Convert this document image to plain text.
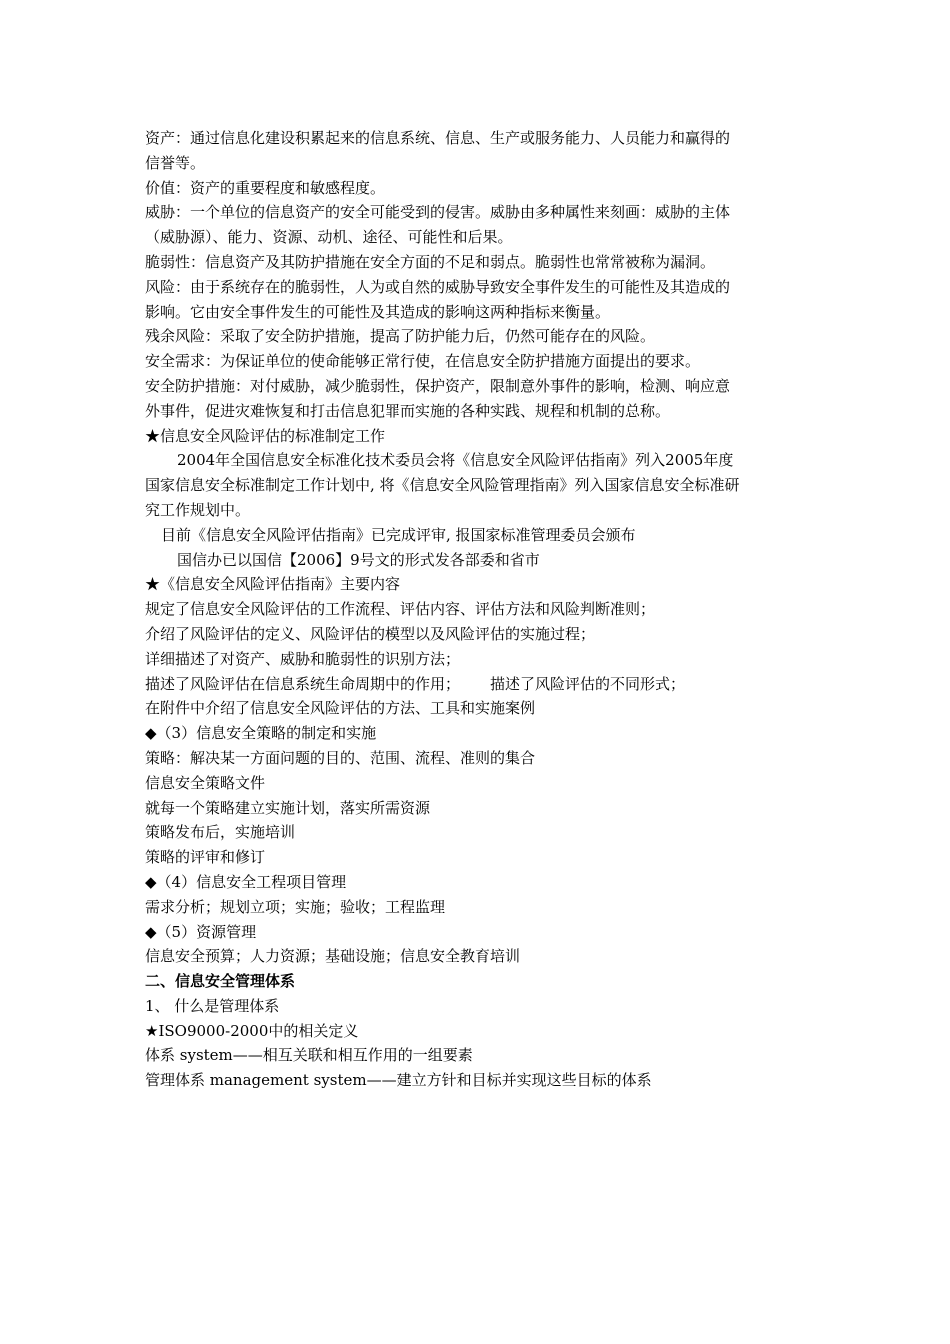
资产：通过信息化建设积累起来的信息系统、信息、生产或服务能力、人员能力和赢得的
信誉等。
价值：资产的重要程度和敏感程度。
威胁：一个单位的信息资产的安全可能受到的侵害。威胁由多种属性来刻画：威胁的主体
（威胁源）、能力、资源、动机、途径、可能性和后果。
脆弱性：信息资产及其防护措施在安全方面的不足和弱点。脆弱性也常常被称为漏洞。
风险：由于系统存在的脆弱性，人为或自然的威胁导致安全事件发生的可能性及其造成的
影响。它由安全事件发生的可能性及其造成的影响这两种指标来衡量。
残余风险：采取了安全防护措施，提高了防护能力后，仍然可能存在的风险。
安全需求：为保证单位的使命能够正常行使，在信息安全防护措施方面提出的要求。
安全防护措施：对付威胁，减少脆弱性，保护资产，限制意外事件的影响，检测、响应意
外事件，促进灾难恢复和打击信息犯罪而实施的各种实践、规程和机制的总称。
★信息安全风险评估的标准制定工作
2004年全国信息安全标准化技术委员会将《信息安全风险评估指南》列入2005年度
国家信息安全标准制定工作计划中, 将《信息安全风险管理指南》列入国家信息安全标准研
究工作规划中。
目前《信息安全风险评估指南》已完成评审, 报国家标准管理委员会颁布
国信办已以国信【2006】9号文的形式发各部委和省市
★《信息安全风险评估指南》主要内容
规定了信息安全风险评估的工作流程、评估内容、评估方法和风险判断准则；
介绍了风险评估的定义、风险评估的模型以及风险评估的实施过程；
详细描述了对资产、威胁和脆弱性的识别方法；
描述了风险评估在信息系统生命周期中的作用； 描述了风险评估的不同形式；
在附件中介绍了信息安全风险评估的方法、工具和实施案例
◆（3）信息安全策略的制定和实施
策略：解决某一方面问题的目的、范围、流程、准则的集合
信息安全策略文件
就每一个策略建立实施计划，落实所需资源
策略发布后，实施培训
策略的评审和修订
◆（4）信息安全工程项目管理
需求分析；规划立项；实施；验收；工程监理
◆（5）资源管理
信息安全预算；人力资源；基础设施；信息安全教育培训
二、信息安全管理体系
1、 什么是管理体系
★ISO9000-2000中的相关定义
体系 system——相互关联和相互作用的一组要素
管理体系 management system——建立方针和目标并实现这些目标的体系
